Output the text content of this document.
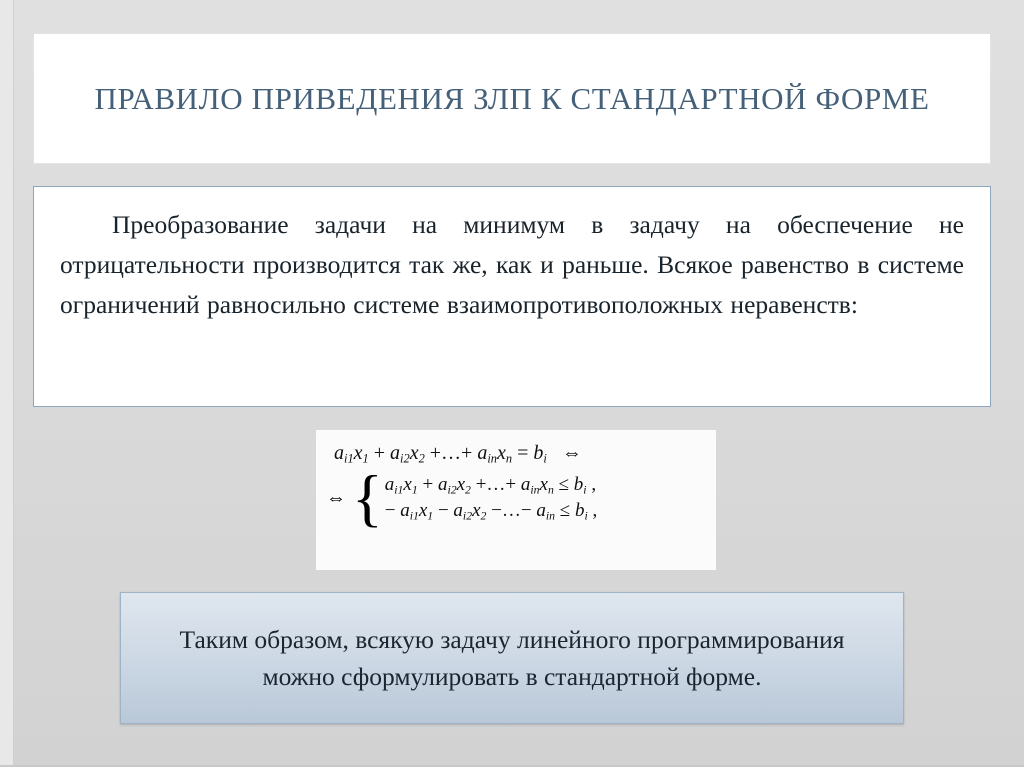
ПРАВИЛО ПРИВЕДЕНИЯ ЗЛП К СТАНДАРТНОЙ ФОРМЕ

Преобразование задачи на минимум в задачу на обеспечение не отрицательности производится так же, как и раньше. Всякое равенство в системе ограничений равносильно системе взаимопротивоположных неравенств:

$a_{i1}x_1 + a_{i2}x_2$ +…+ $a_{in}x_n = b_i$ ⇔
⇔ { $a_{i1}x_1 + a_{i2}x_2$ +…+ $a_{in}x_n \le b_i$ ,
− $a_{i1}x_1 - a_{i2}x_2$ −…− $a_{in} \le b_i$ ,

Таким образом, всякую задачу линейного программирования можно сформулировать в стандартной форме.
